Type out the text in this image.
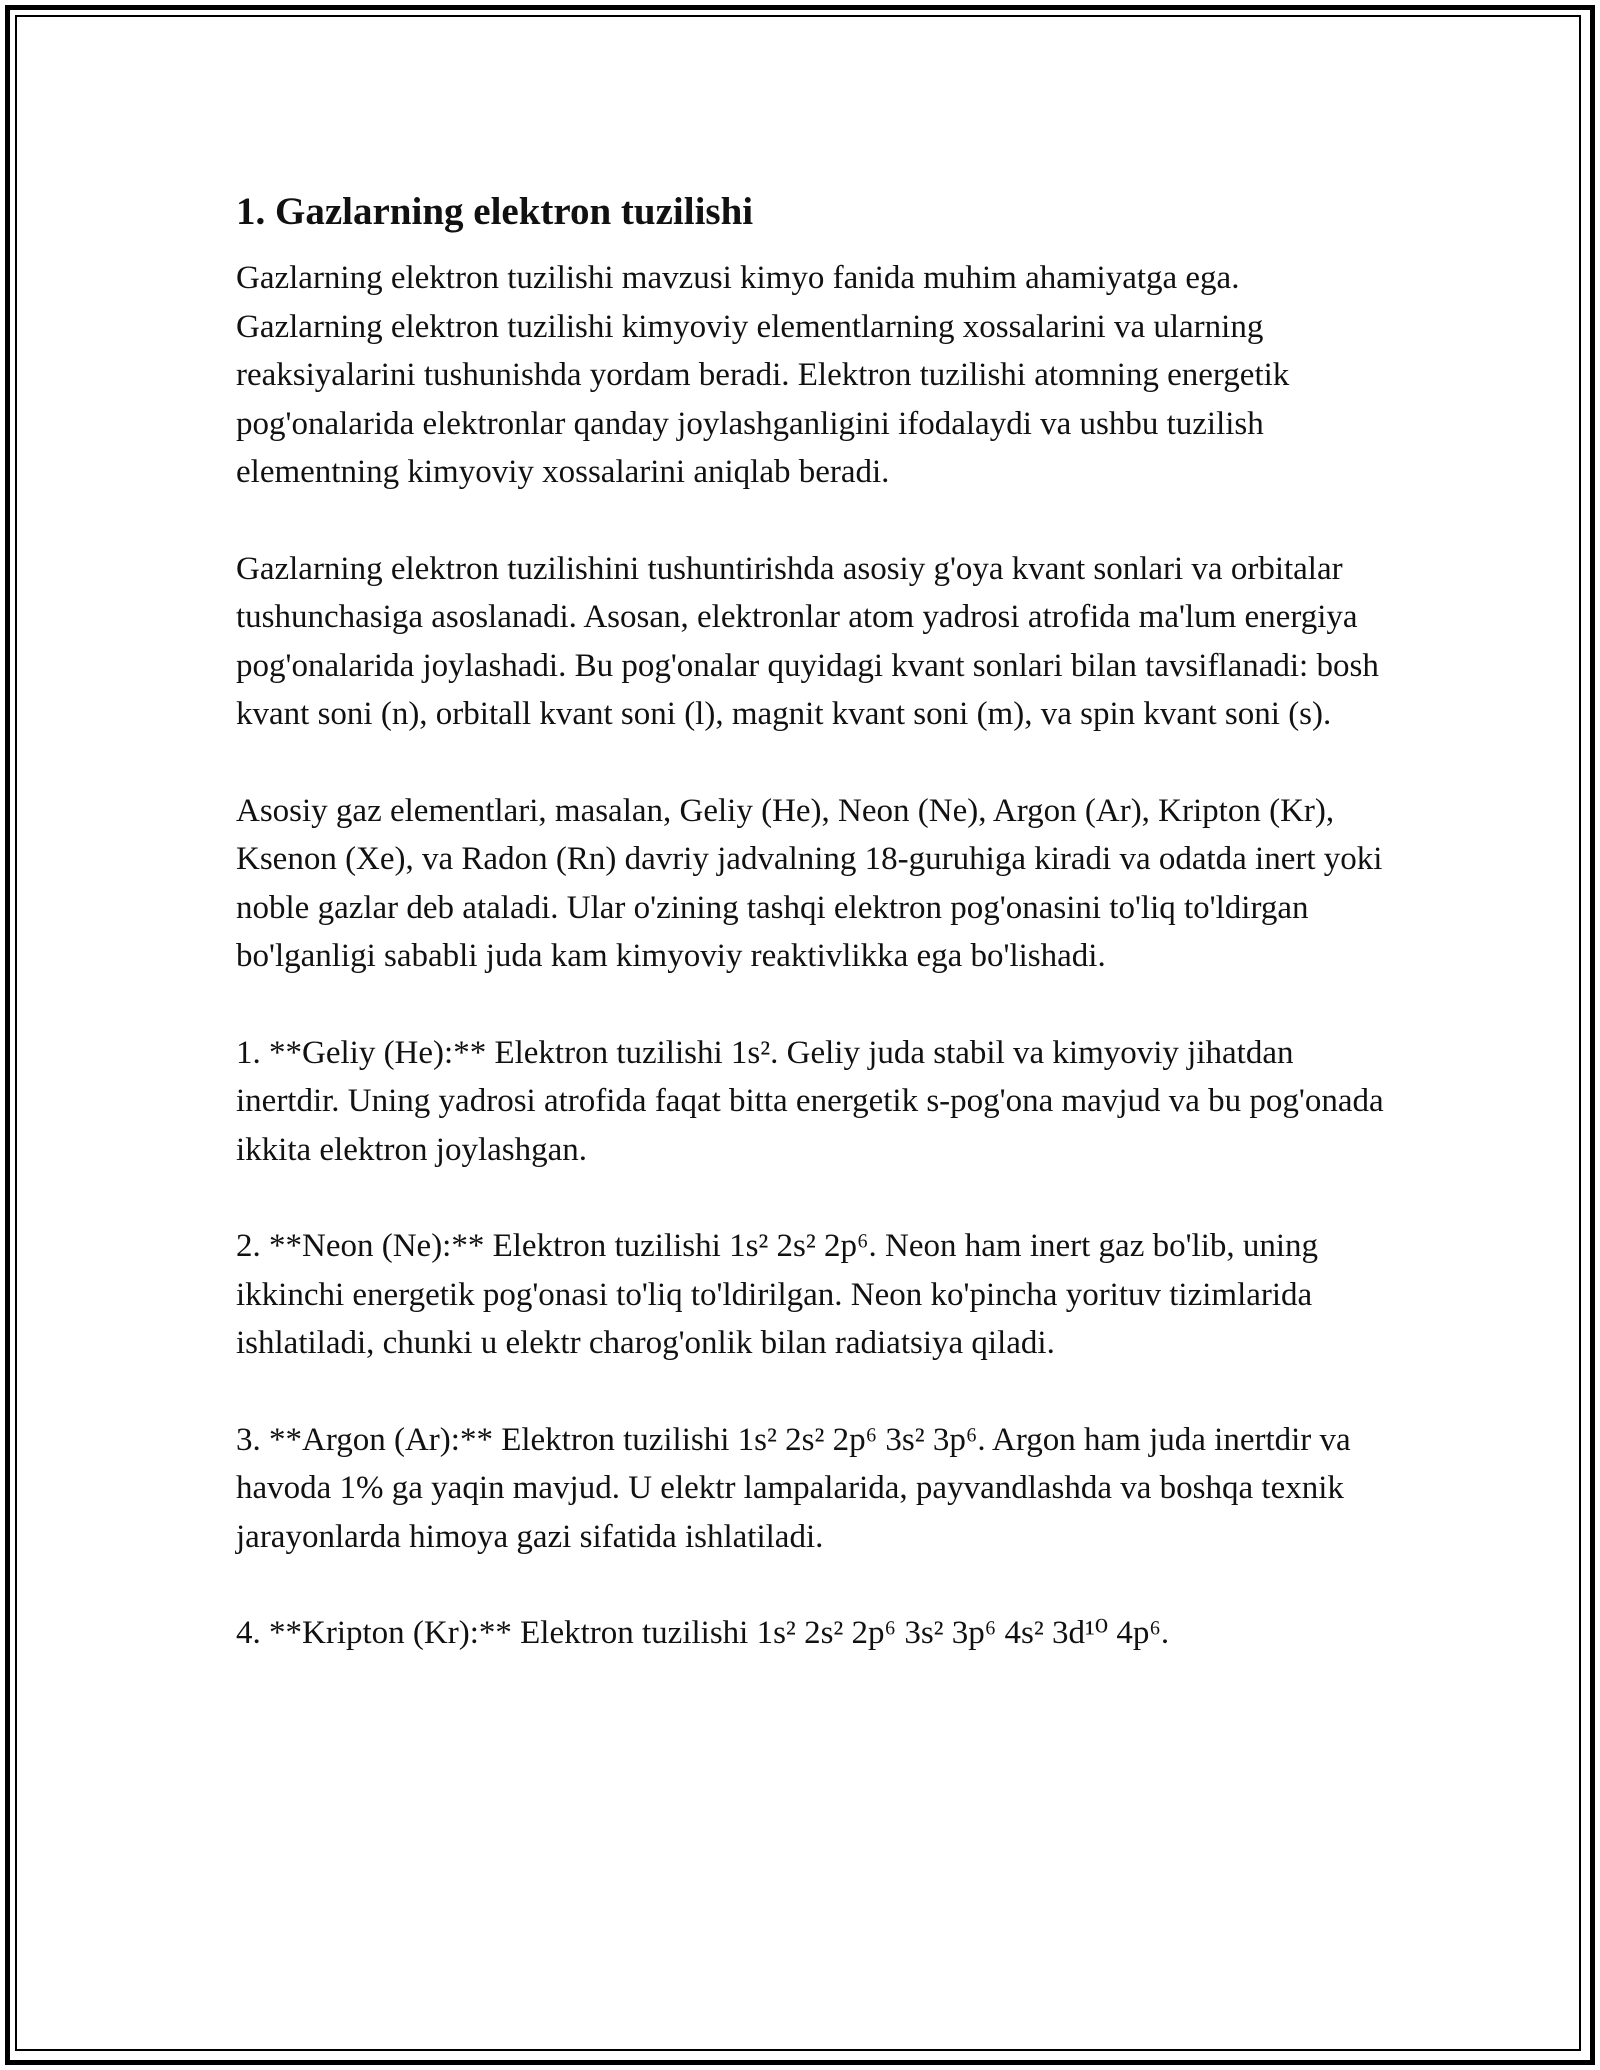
1. Gazlarning elektron tuzilishi

Gazlarning elektron tuzilishi mavzusi kimyo fanida muhim ahamiyatga ega. Gazlarning elektron tuzilishi kimyoviy elementlarning xossalarini va ularning reaksiyalarini tushunishda yordam beradi. Elektron tuzilishi atomning energetik pog'onalarida elektronlar qanday joylashganligini ifodalaydi va ushbu tuzilish elementning kimyoviy xossalarini aniqlab beradi.

Gazlarning elektron tuzilishini tushuntirishda asosiy g'oya kvant sonlari va orbitalar tushunchasiga asoslanadi. Asosan, elektronlar atom yadrosi atrofida ma'lum energiya pog'onalarida joylashadi. Bu pog'onalar quyidagi kvant sonlari bilan tavsiflanadi: bosh kvant soni (n), orbitall kvant soni (l), magnit kvant soni (m), va spin kvant soni (s).

Asosiy gaz elementlari, masalan, Geliy (He), Neon (Ne), Argon (Ar), Kripton (Kr), Ksenon (Xe), va Radon (Rn) davriy jadvalning 18-guruhiga kiradi va odatda inert yoki noble gazlar deb ataladi. Ular o'zining tashqi elektron pog'onasini to'liq to'ldirgan bo'lganligi sababli juda kam kimyoviy reaktivlikka ega bo'lishadi.

1. **Geliy (He):** Elektron tuzilishi 1s². Geliy juda stabil va kimyoviy jihatdan inertdir. Uning yadrosi atrofida faqat bitta energetik s-pog'ona mavjud va bu pog'onada ikkita elektron joylashgan.

2. **Neon (Ne):** Elektron tuzilishi 1s² 2s² 2p⁶. Neon ham inert gaz bo'lib, uning ikkinchi energetik pog'onasi to'liq to'ldirilgan. Neon ko'pincha yorituv tizimlarida ishlatiladi, chunki u elektr charog'onlik bilan radiatsiya qiladi.

3. **Argon (Ar):** Elektron tuzilishi 1s² 2s² 2p⁶ 3s² 3p⁶. Argon ham juda inertdir va havoda 1% ga yaqin mavjud. U elektr lampalarida, payvandlashda va boshqa texnik jarayonlarda himoya gazi sifatida ishlatiladi.

4. **Kripton (Kr):** Elektron tuzilishi 1s² 2s² 2p⁶ 3s² 3p⁶ 4s² 3d¹⁰ 4p⁶.
